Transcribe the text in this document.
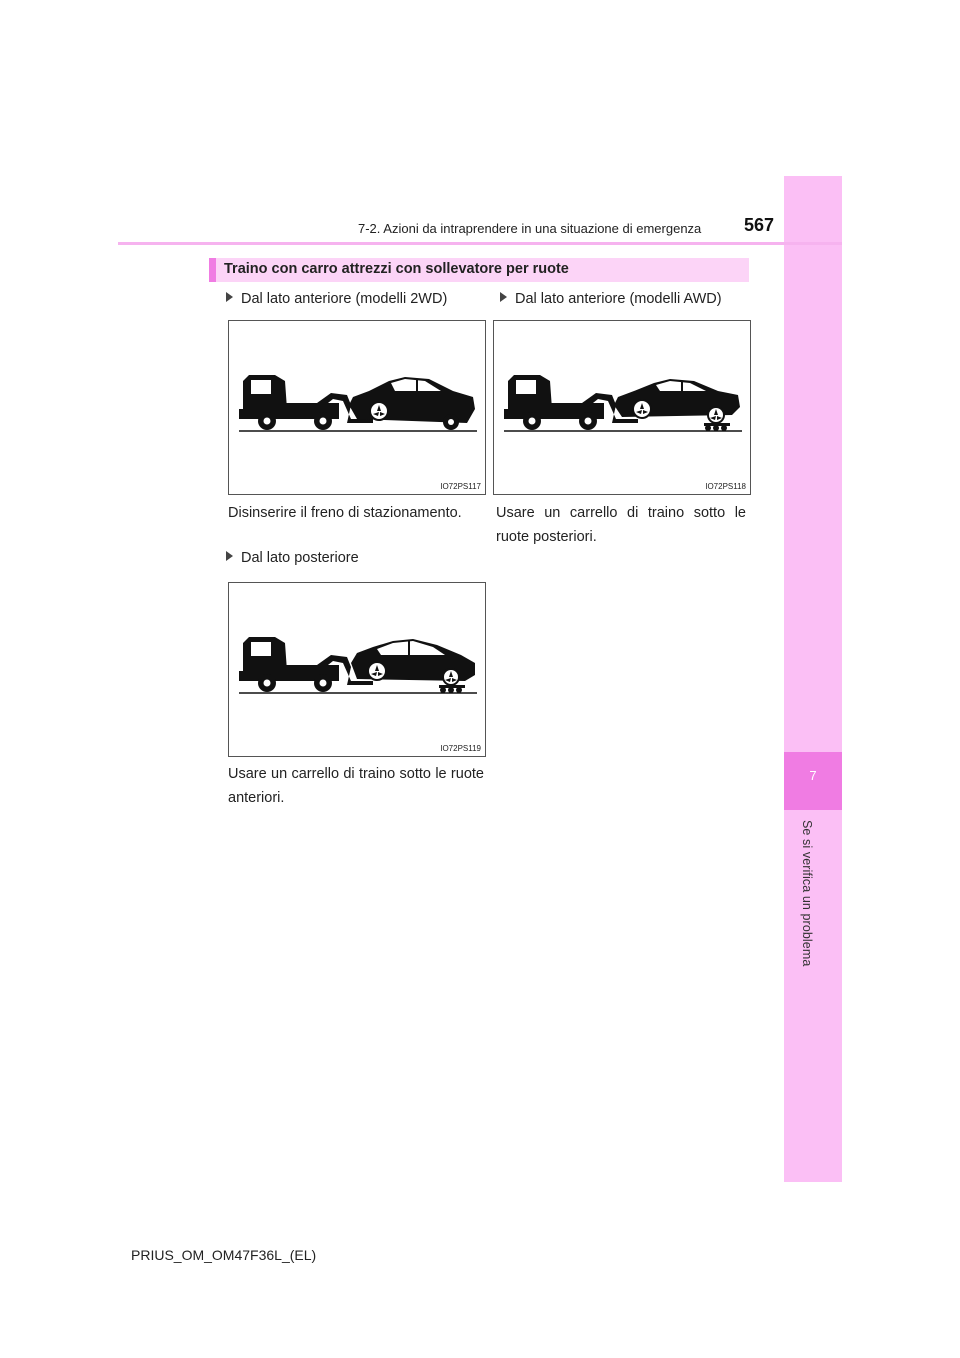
7
Se si verifica un problema
7-2. Azioni da intraprendere in una situazione di emergenza 567
Traino con carro attrezzi con sollevatore per ruote
Dal lato anteriore (modelli 2WD)
IO72PS117
Disinserire il freno di stazionamento.
Dal lato anteriore (modelli AWD)
IO72PS118
Usare un carrello di traino sotto le ruote posteriori.
Dal lato posteriore
IO72PS119
Usare un carrello di traino sotto le ruote anteriori.
PRIUS_OM_OM47F36L_(EL)
